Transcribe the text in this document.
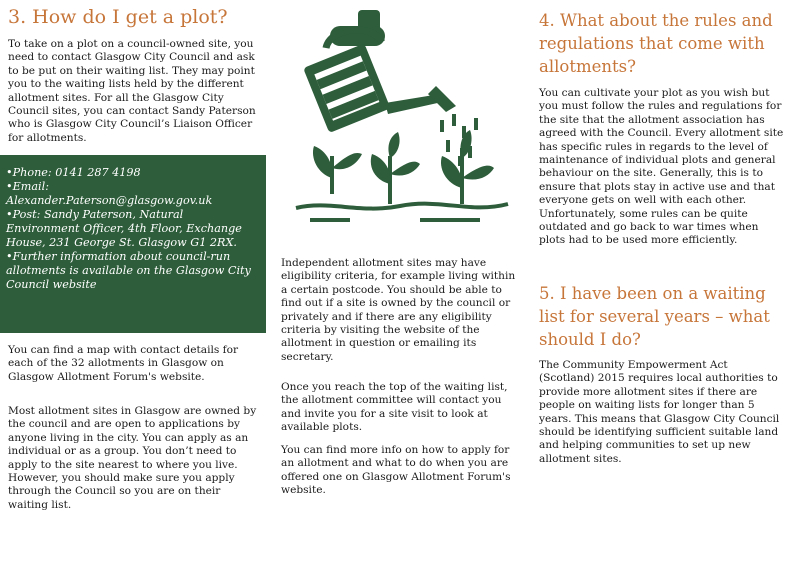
3. How do I get a plot?

To take on a plot on a council-owned site, you need to contact Glasgow City Council and ask to be put on their waiting list. They may point you to the waiting lists held by the different allotment sites. For all the Glasgow City Council sites, you can contact Sandy Paterson who is Glasgow City Council’s Liaison Officer for allotments.

•Phone: 0141 287 4198
•Email:
Alexander.Paterson@glasgow.gov.uk
•Post: Sandy Paterson, Natural Environment Officer, 4th Floor, Exchange House, 231 George St. Glasgow G1 2RX.
•Further information about council-run allotments is available on the Glasgow City Council website

You can find a map with contact details for each of the 32 allotments in Glasgow on Glasgow Allotment Forum's website.

Most allotment sites in Glasgow are owned by the council and are open to applications by anyone living in the city. You can apply as an individual or as a group. You don’t need to apply to the site nearest to where you live. However, you should make sure you apply through the Council so you are on their waiting list.

Independent allotment sites may have eligibility criteria, for example living within a certain postcode. You should be able to find out if a site is owned by the council or privately and if there are any eligibility criteria by visiting the website of the allotment in question or emailing its secretary.

Once you reach the top of the waiting list, the allotment committee will contact you and invite you for a site visit to look at available plots.

You can find more info on how to apply for an allotment and what to do when you are offered one on Glasgow Allotment Forum's website.

4. What about the rules and regulations that come with allotments?

You can cultivate your plot as you wish but you must follow the rules and regulations for the site that the allotment association has agreed with the Council. Every allotment site has specific rules in regards to the level of maintenance of individual plots and general behaviour on the site. Generally, this is to ensure that plots stay in active use and that everyone gets on well with each other. Unfortunately, some rules can be quite outdated and go back to war times when plots had to be used more efficiently.

5. I have been on a waiting list for several years – what should I do?

The Community Empowerment Act (Scotland) 2015 requires local authorities to provide more allotment sites if there are people on waiting lists for longer than 5 years. This means that Glasgow City Council should be identifying sufficient suitable land and helping communities to set up new allotment sites.
